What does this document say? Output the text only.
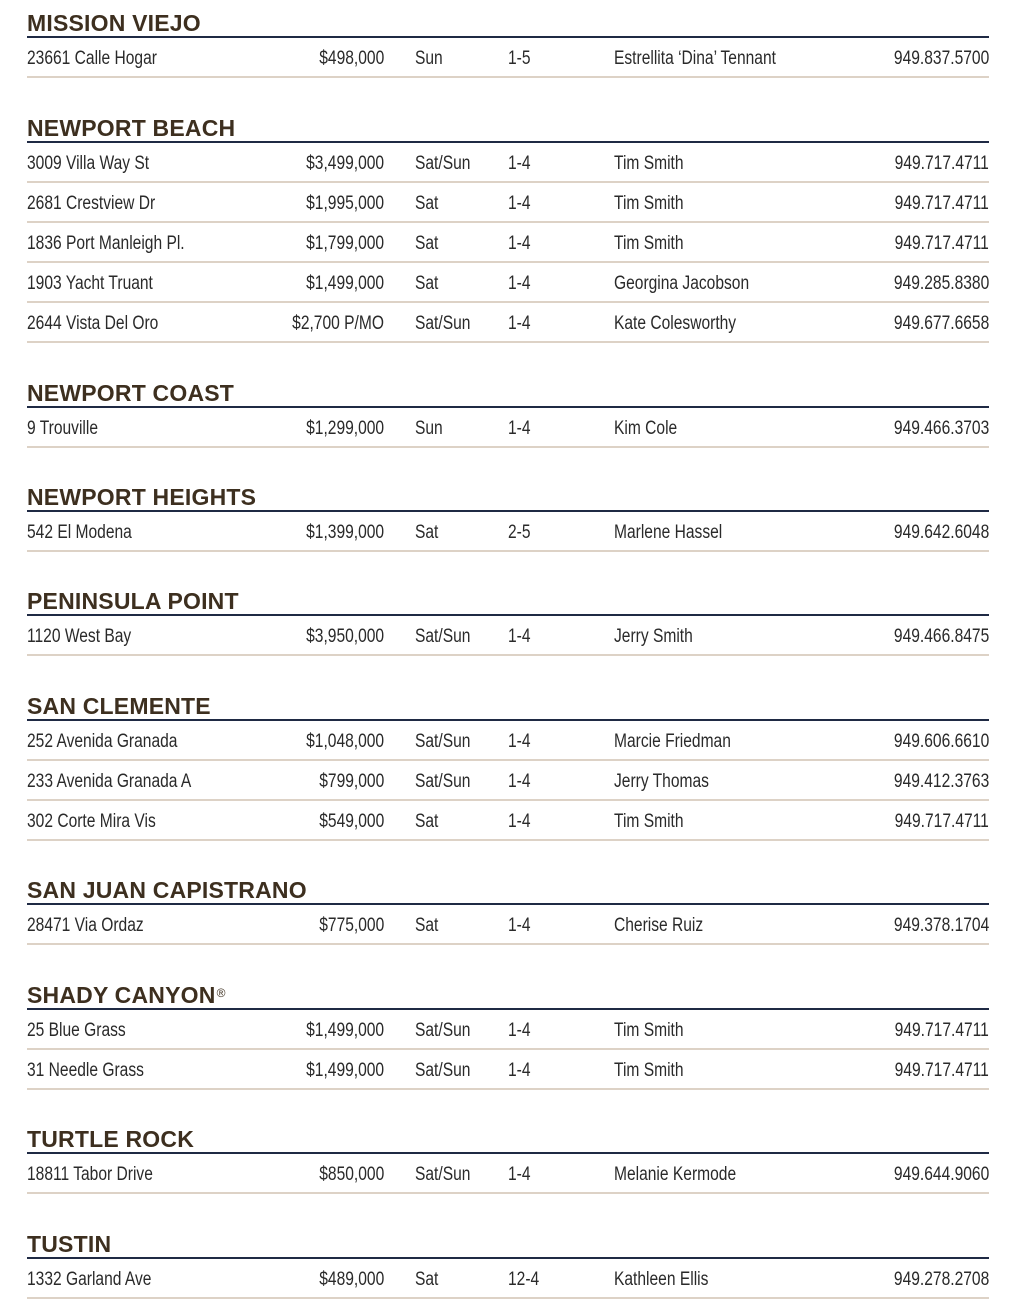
MISSION VIEJO
23661 Calle Hogar	$498,000 Sun	1-5	Estrellita ‘Dina’ Tennant	949.837.5700
NEWPORT BEACH
3009 Villa Way St	$3,499,000 Sat/Sun 1-4	Tim Smith	949.717.4711
2681 Crestview Dr	$1,995,000 Sat	1-4	Tim Smith	949.717.4711
1836 Port Manleigh Pl.	$1,799,000 Sat	1-4	Tim Smith	949.717.4711
1903 Yacht Truant	$1,499,000 Sat	1-4	Georgina Jacobson	949.285.8380
2644 Vista Del Oro	$2,700 P/MO Sat/Sun 1-4	Kate Colesworthy	949.677.6658
NEWPORT COAST
9 Trouville	$1,299,000 Sun	1-4	Kim Cole	949.466.3703
NEWPORT HEIGHTS
542 El Modena	$1,399,000 Sat	2-5	Marlene Hassel	949.642.6048
PENINSULA POINT
1120 West Bay	$3,950,000 Sat/Sun 1-4	Jerry Smith	949.466.8475
SAN CLEMENTE
252 Avenida Granada	$1,048,000 Sat/Sun 1-4	Marcie Friedman	949.606.6610
233 Avenida Granada A	$799,000 Sat/Sun 1-4	Jerry Thomas	949.412.3763
302 Corte Mira Vis	$549,000 Sat	1-4	Tim Smith	949.717.4711
SAN JUAN CAPISTRANO
28471 Via Ordaz	$775,000 Sat	1-4	Cherise Ruiz	949.378.1704
SHADY CANYON®
25 Blue Grass	$1,499,000 Sat/Sun 1-4	Tim Smith	949.717.4711
31 Needle Grass	$1,499,000 Sat/Sun 1-4	Tim Smith	949.717.4711
TURTLE ROCK
18811 Tabor Drive	$850,000 Sat/Sun 1-4	Melanie Kermode	949.644.9060
TUSTIN
1332 Garland Ave	$489,000 Sat	12-4	Kathleen Ellis	949.278.2708
